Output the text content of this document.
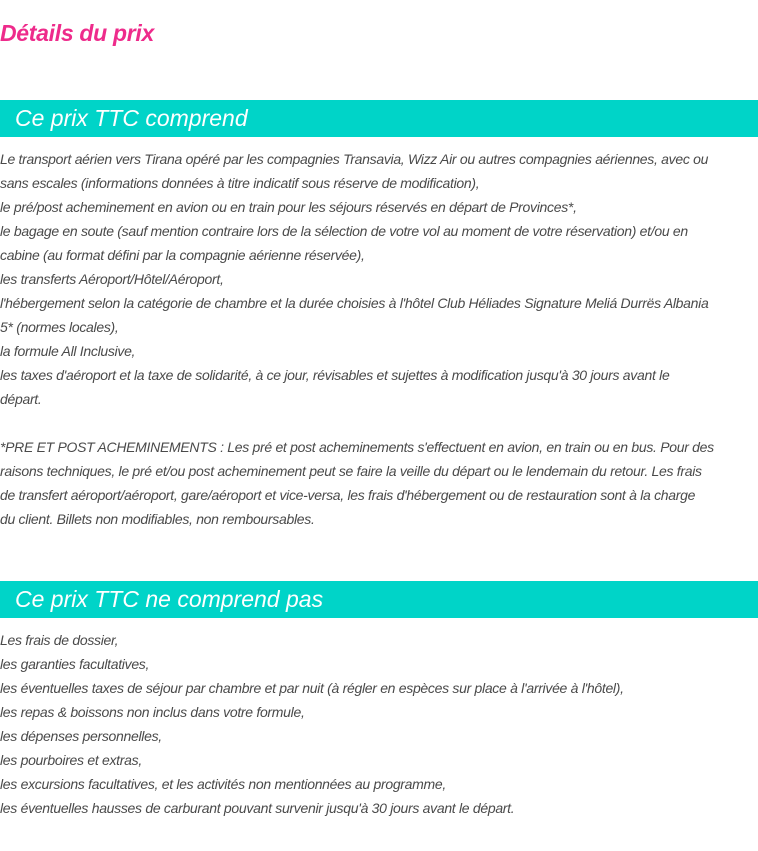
Détails du prix
Ce prix TTC comprend
Le transport aérien vers Tirana opéré par les compagnies Transavia, Wizz Air ou autres compagnies aériennes, avec ou
sans escales (informations données à titre indicatif sous réserve de modification),
le pré/post acheminement en avion ou en train pour les séjours réservés en départ de Provinces*,
le bagage en soute (sauf mention contraire lors de la sélection de votre vol au moment de votre réservation) et/ou en
cabine (au format défini par la compagnie aérienne réservée),
les transferts Aéroport/Hôtel/Aéroport,
l'hébergement selon la catégorie de chambre et la durée choisies à l'hôtel Club Héliades Signature Meliá Durrës Albania
5* (normes locales),
la formule All Inclusive,
les taxes d'aéroport et la taxe de solidarité, à ce jour, révisables et sujettes à modification jusqu'à 30 jours avant le
départ.
*PRE ET POST ACHEMINEMENTS : Les pré et post acheminements s'effectuent en avion, en train ou en bus. Pour des
raisons techniques, le pré et/ou post acheminement peut se faire la veille du départ ou le lendemain du retour. Les frais
de transfert aéroport/aéroport, gare/aéroport et vice-versa, les frais d'hébergement ou de restauration sont à la charge
du client. Billets non modifiables, non remboursables.
Ce prix TTC ne comprend pas
Les frais de dossier,
les garanties facultatives,
les éventuelles taxes de séjour par chambre et par nuit (à régler en espèces sur place à l'arrivée à l'hôtel),
les repas & boissons non inclus dans votre formule,
les dépenses personnelles,
les pourboires et extras,
les excursions facultatives, et les activités non mentionnées au programme,
les éventuelles hausses de carburant pouvant survenir jusqu'à 30 jours avant le départ.
